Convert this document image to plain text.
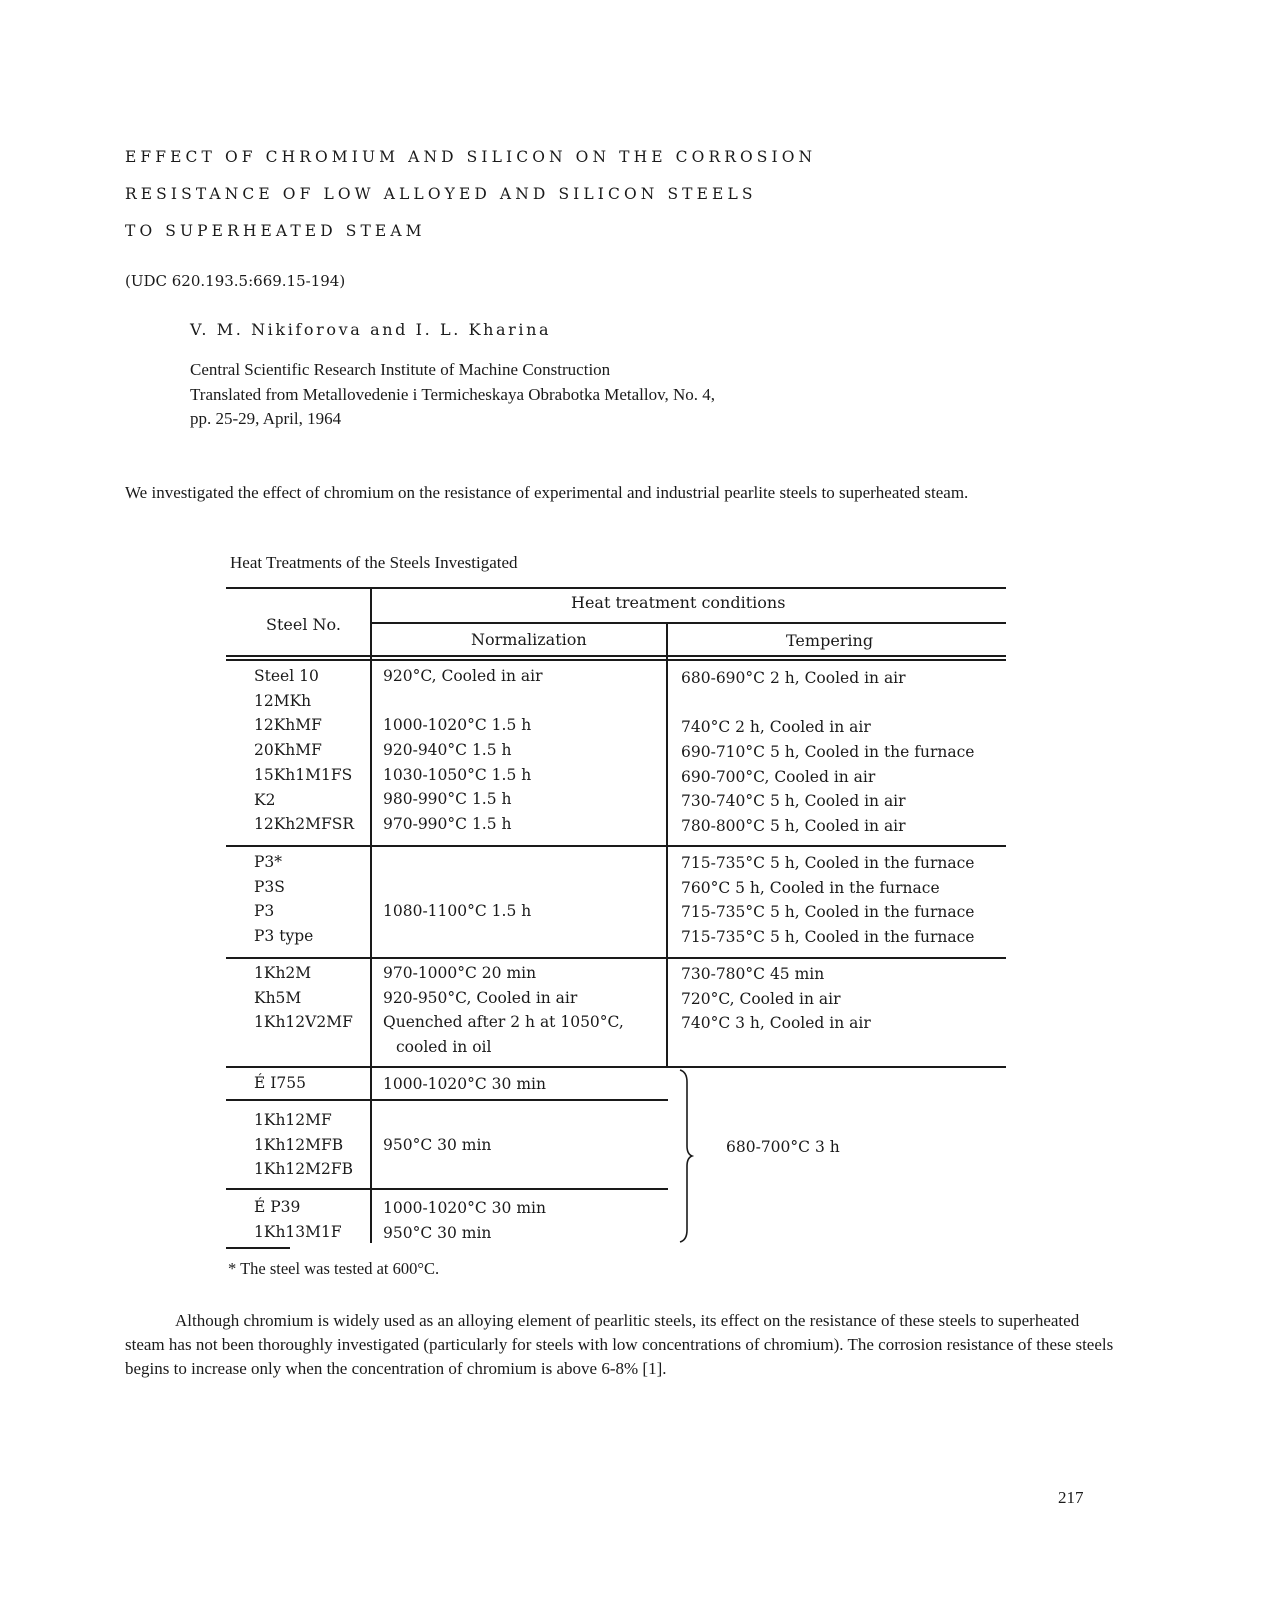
EFFECT OF CHROMIUM AND SILICON ON THE CORROSION
RESISTANCE OF LOW ALLOYED AND SILICON STEELS
TO SUPERHEATED STEAM
(UDC 620.193.5:669.15-194)
V. M. Nikiforova and I. L. Kharina
Central Scientific Research Institute of Machine Construction
Translated from Metallovedenie i Termicheskaya Obrabotka Metallov, No. 4,
pp. 25-29, April, 1964
We investigated the effect of chromium on the resistance of experimental and industrial pearlite steels to superheated steam.
Heat Treatments of the Steels Investigated
Steel No.
Heat treatment conditions
Normalization	Tempering
Steel 10
12MKh
12KhMF
20KhMF
15Kh1M1FS
K2
12Kh2MFSR
920°C, Cooled in air
1000-1020°C 1.5 h
920-940°C 1.5 h
1030-1050°C 1.5 h
980-990°C 1.5 h
970-990°C 1.5 h
680-690°C 2 h, Cooled in air
740°C 2 h, Cooled in air
690-710°C 5 h, Cooled in the furnace
690-700°C, Cooled in air
730-740°C 5 h, Cooled in air
780-800°C 5 h, Cooled in air
P3*
P3S
P3
P3 type
1080-1100°C 1.5 h
715-735°C 5 h, Cooled in the furnace
760°C 5 h, Cooled in the furnace
715-735°C 5 h, Cooled in the furnace
715-735°C 5 h, Cooled in the furnace
1Kh2M
Kh5M
1Kh12V2MF
970-1000°C 20 min
920-950°C, Cooled in air
Quenched after 2 h at 1050°C,
cooled in oil
730-780°C 45 min
720°C, Cooled in air
740°C 3 h, Cooled in air
É I755	1000-1020°C 30 min
1Kh12MF
1Kh12MFB
1Kh12M2FB
950°C 30 min
É P39
1Kh13M1F
1000-1020°C 30 min
950°C 30 min
680-700°C 3 h
* The steel was tested at 600°C.
Although chromium is widely used as an alloying element of pearlitic steels, its effect on the resistance of these steels to superheated steam has not been thoroughly investigated (particularly for steels with low concentrations of chromium). The corrosion resistance of these steels begins to increase only when the concentration of chromium is above 6-8% [1].
217
